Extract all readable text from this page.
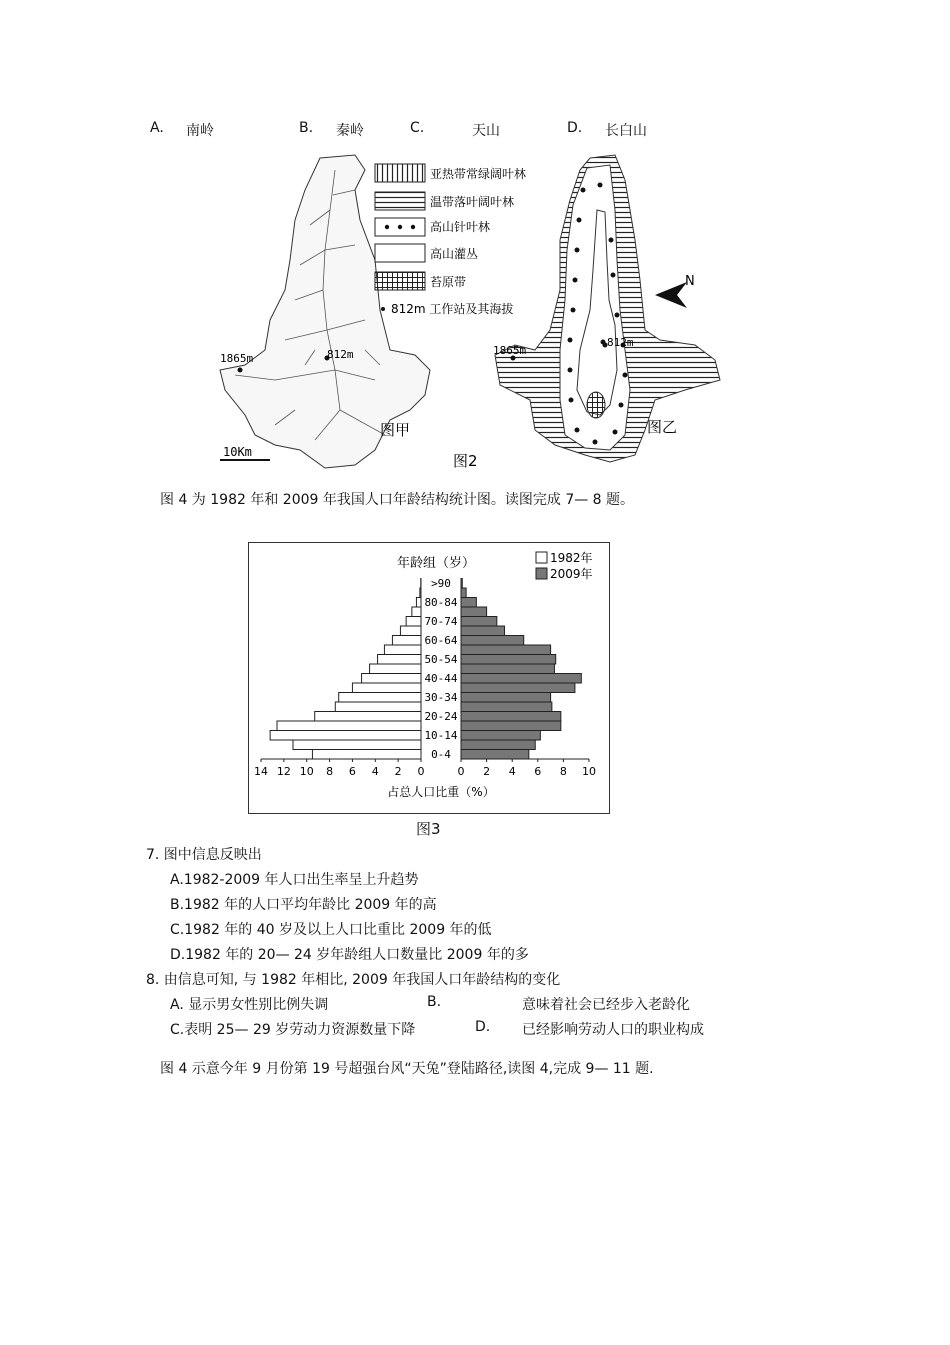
A. 南岭	B. 秦岭	C.	天山	D. 长白山
1865m	812m
图甲
10Km
亚热带常绿阔叶林
温带落叶阔叶林
高山针叶林
高山灌丛
苔原带
812m 工作站及其海拔
1865m
812m
图乙
N
图2
图 4 为 1982 年和 2009 年我国人口年龄结构统计图。读图完成 7— 8 题。
年龄组（岁）	1982年
2009年
0-4
10-14
20-24
30-34
40-44
50-54
60-64
70-74
80-84
>90
14 12 10 8 6 4 2 0	0 2 4 6 8 10
占总人口比重（%）
图3
7. 图中信息反映出
A.1982-2009 年人口出生率呈上升趋势
B.1982 年的人口平均年龄比 2009 年的高
C.1982 年的 40 岁及以上人口比重比 2009 年的低
D.1982 年的 20— 24 岁年龄组人口数量比 2009 年的多
8. 由信息可知, 与 1982 年相比, 2009 年我国人口年龄结构的变化
A. 显示男女性别比例失调	B.	意味着社会已经步入老龄化
C.表明 25— 29 岁劳动力资源数量下降	D. 已经影响劳动人口的职业构成
图 4 示意今年 9 月份第 19 号超强台风“天兔”登陆路径,读图 4,完成 9— 11 题.
